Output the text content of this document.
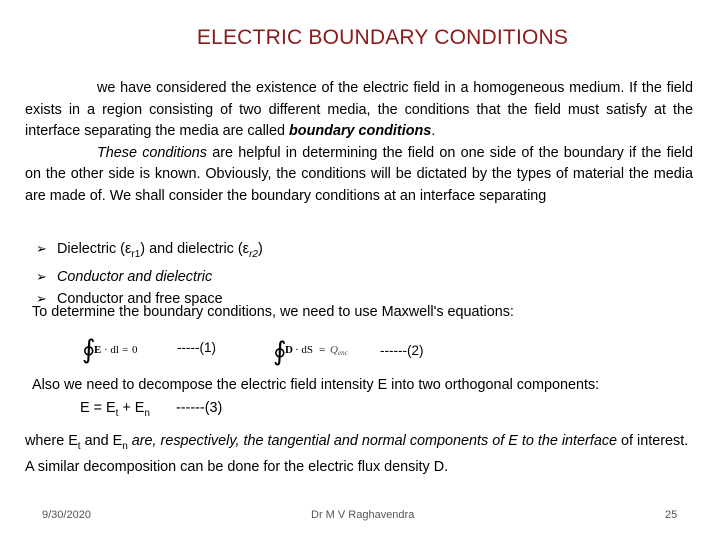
ELECTRIC BOUNDARY CONDITIONS

we have considered the existence of the electric field in a homogeneous medium. If the field exists in a region consisting of two different media, the conditions that the field must satisfy at the interface separating the media are called boundary conditions.

These conditions are helpful in determining the field on one side of the boundary if the field on the other side is known. Obviously, the conditions will be dictated by the types of material the media are made of. We shall consider the boundary conditions at an interface separating

➢ Dielectric $(\varepsilon_{r1})$ and dielectric $(\varepsilon_{r2})$
➢ Conductor and dielectric
➢ Conductor and free space
To determine the boundary conditions, we need to use Maxwell's equations:
∮
E · dl = 0	-----(1) ∮
D · dS = Q enc ------(2)
Also we need to decompose the electric field intensity E into two orthogonal components:
$E = E_t + E_n$ ------(3)
where $E_t$ and $E_n$ are, respectively, the tangential and normal components of E to the interface of interest. A similar decomposition can be done for the electric flux density D.
9/30/2020	Dr M V Raghavendra	25
